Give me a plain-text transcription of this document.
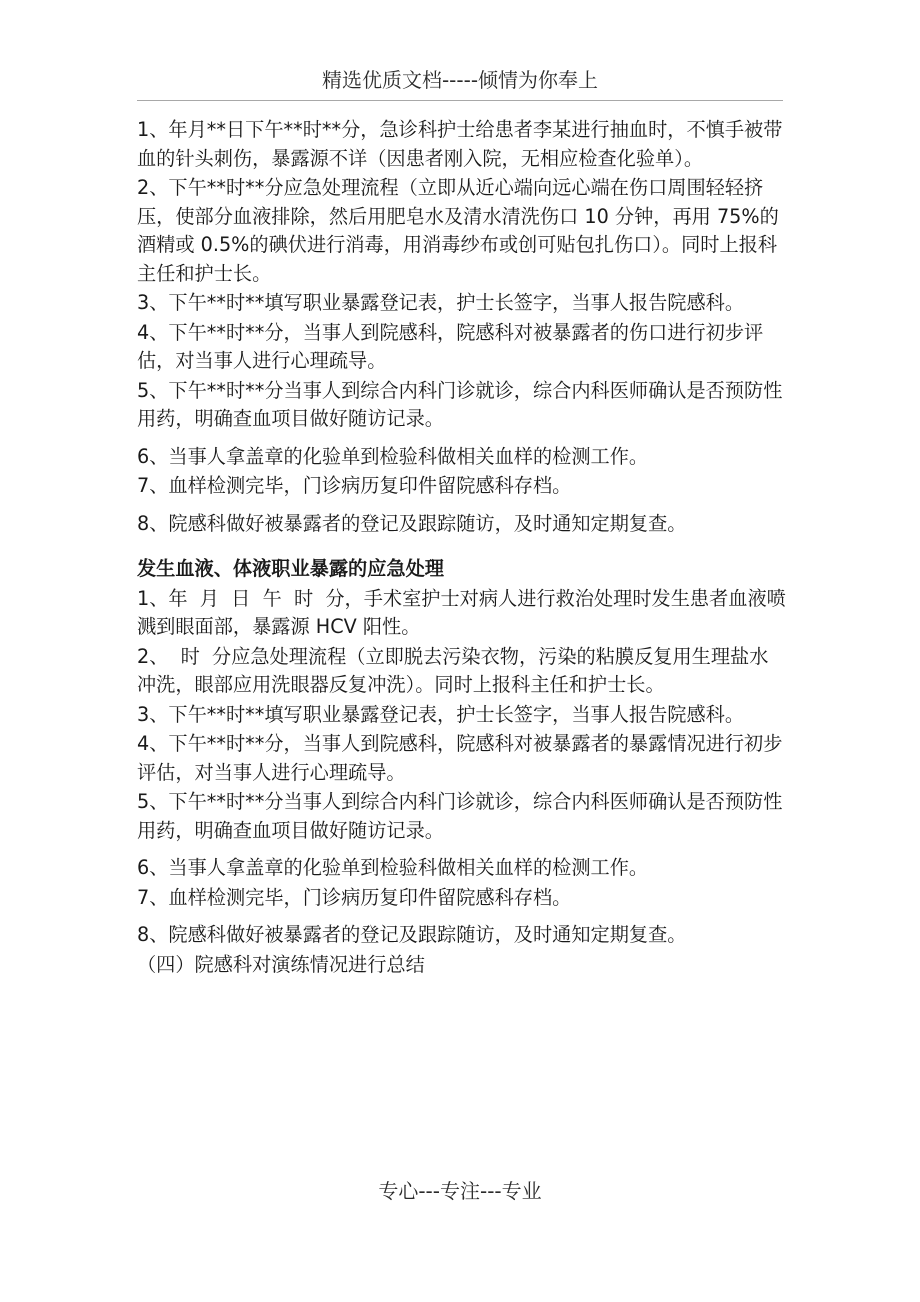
精选优质文档-----倾情为你奉上

1、年月**日下午**时**分，急诊科护士给患者李某进行抽血时，不慎手被带血的针头刺伤，暴露源不详（因患者刚入院，无相应检查化验单）。

2、下午**时**分应急处理流程（立即从近心端向远心端在伤口周围轻轻挤压，使部分血液排除，然后用肥皂水及清水清洗伤口 10 分钟，再用 75%的酒精或 0.5%的碘伏进行消毒，用消毒纱布或创可贴包扎伤口）。同时上报科主任和护士长。

3、下午**时**填写职业暴露登记表，护士长签字，当事人报告院感科。

4、下午**时**分，当事人到院感科，院感科对被暴露者的伤口进行初步评估，对当事人进行心理疏导。

5、下午**时**分当事人到综合内科门诊就诊，综合内科医师确认是否预防性用药，明确查血项目做好随访记录。

6、当事人拿盖章的化验单到检验科做相关血样的检测工作。

7、血样检测完毕，门诊病历复印件留院感科存档。

8、院感科做好被暴露者的登记及跟踪随访，及时通知定期复查。

发生血液、体液职业暴露的应急处理

1、年  月  日  午  时  分，手术室护士对病人进行救治处理时发生患者血液喷溅到眼面部，暴露源 HCV 阳性。

2、  时  分应急处理流程（立即脱去污染衣物，污染的粘膜反复用生理盐水冲洗，眼部应用洗眼器反复冲洗）。同时上报科主任和护士长。

3、下午**时**填写职业暴露登记表，护士长签字，当事人报告院感科。

4、下午**时**分，当事人到院感科，院感科对被暴露者的暴露情况进行初步评估，对当事人进行心理疏导。

5、下午**时**分当事人到综合内科门诊就诊，综合内科医师确认是否预防性用药，明确查血项目做好随访记录。

6、当事人拿盖章的化验单到检验科做相关血样的检测工作。

7、血样检测完毕，门诊病历复印件留院感科存档。

8、院感科做好被暴露者的登记及跟踪随访，及时通知定期复查。

（四）院感科对演练情况进行总结

专心---专注---专业
